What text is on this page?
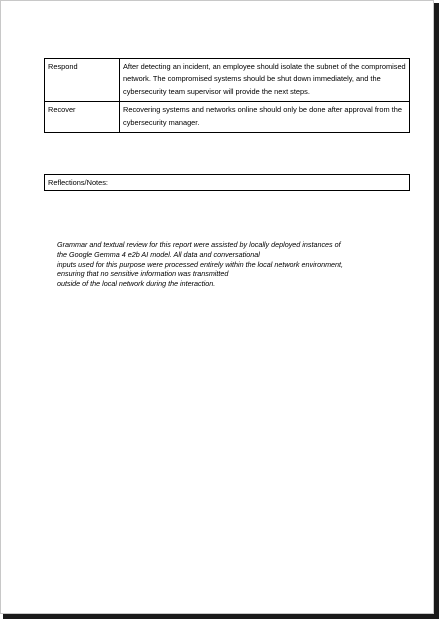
Respond	After detecting an incident, an employee should isolate the subnet of the compromised network. The compromised systems should be shut down immediately, and the cybersecurity team supervisor will provide the next steps.
Recover	Recovering systems and networks online should only be done after approval from the cybersecurity manager.
Reflections/Notes:
Grammar and textual review for this report were assisted by locally deployed instances of
the Google Gemma 4 e2b AI model. All data and conversational
inputs used for this purpose were processed entirely within the local network environment,
ensuring that no sensitive information was transmitted
outside of the local network during the interaction.
